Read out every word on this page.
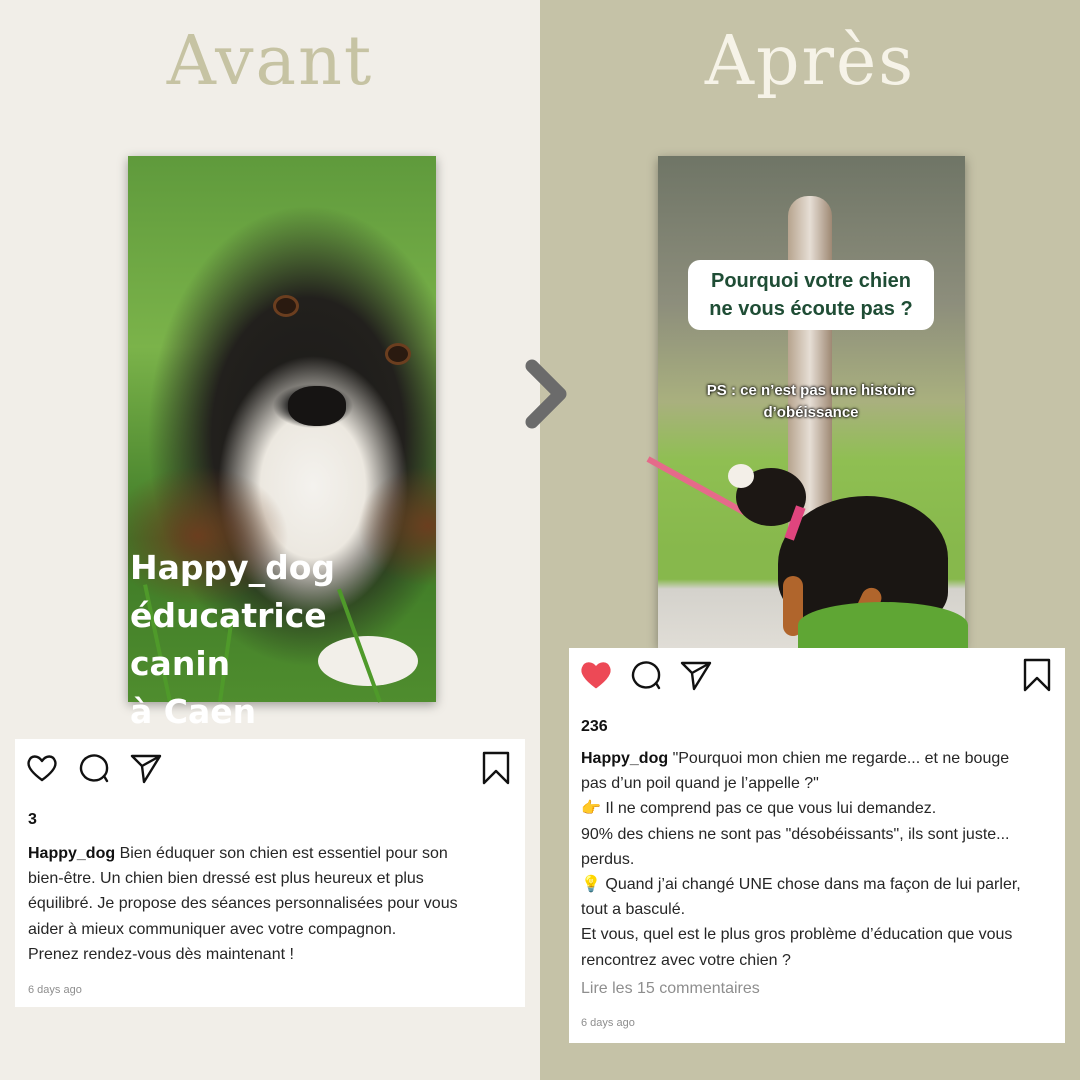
Avant	Après
Happy_dog
éducatrice canin
à Caen
Pourquoi votre chien
ne vous écoute pas ?
PS : ce n’est pas une histoire
d’obéissance
3
Happy_dog Bien éduquer son chien est essentiel pour son
bien-être. Un chien bien dressé est plus heureux et plus
équilibré. Je propose des séances personnalisées pour vous
aider à mieux communiquer avec votre compagnon.
Prenez rendez-vous dès maintenant !
6 days ago
236
Happy_dog "Pourquoi mon chien me regarde... et ne bouge
pas d’un poil quand je l’appelle ?"
👉 Il ne comprend pas ce que vous lui demandez.
90% des chiens ne sont pas "désobéissants", ils sont juste...
perdus.
💡 Quand j’ai changé UNE chose dans ma façon de lui parler,
tout a basculé.
Et vous, quel est le plus gros problème d’éducation que vous
rencontrez avec votre chien ?
Lire les 15 commentaires
6 days ago
